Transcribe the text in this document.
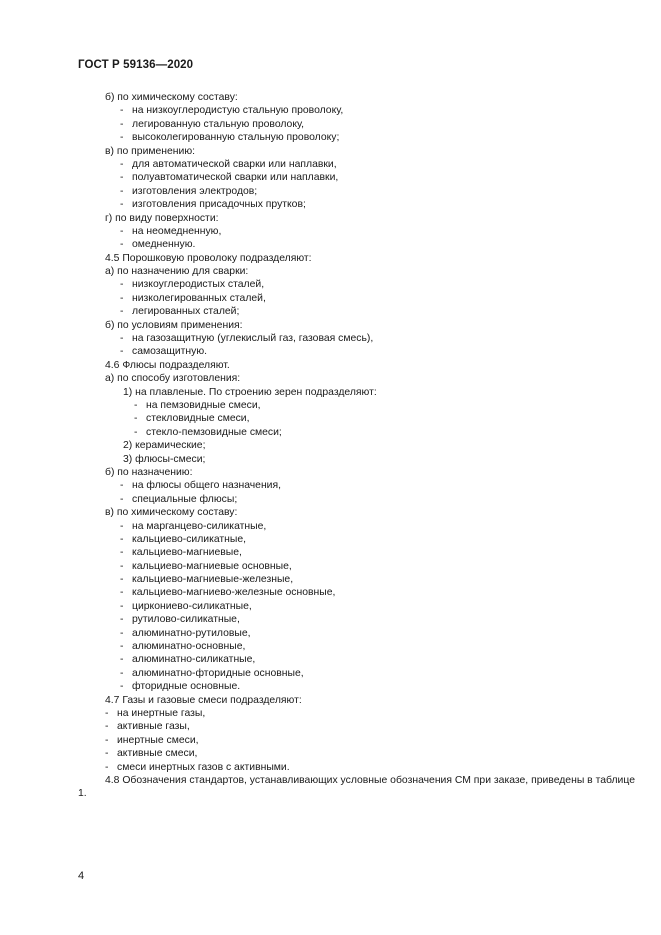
ГОСТ Р 59136—2020
б) по химическому составу:
- на низкоуглеродистую стальную проволоку,
- легированную стальную проволоку,
- высоколегированную стальную проволоку;
в) по применению:
- для автоматической сварки или наплавки,
- полуавтоматической сварки или наплавки,
- изготовления электродов;
- изготовления присадочных прутков;
г) по виду поверхности:
- на неомедненную,
- омедненную.
4.5 Порошковую проволоку подразделяют:
а) по назначению для сварки:
- низкоуглеродистых сталей,
- низколегированных сталей,
- легированных сталей;
б) по условиям применения:
- на газозащитную (углекислый газ, газовая смесь),
- самозащитную.
4.6 Флюсы подразделяют.
а) по способу изготовления:
1) на плавленые. По строению зерен подразделяют:
- на пемзовидные смеси,
- стекловидные смеси,
- стекло-пемзовидные смеси;
2) керамические;
3) флюсы-смеси;
б) по назначению:
- на флюсы общего назначения,
- специальные флюсы;
в) по химическому составу:
- на марганцево-силикатные,
- кальциево-силикатные,
- кальциево-магниевые,
- кальциево-магниевые основные,
- кальциево-магниевые-железные,
- кальциево-магниево-железные основные,
- циркониево-силикатные,
- рутилово-силикатные,
- алюминатно-рутиловые,
- алюминатно-основные,
- алюминатно-силикатные,
- алюминатно-фторидные основные,
- фторидные основные.
4.7 Газы и газовые смеси подразделяют:
- на инертные газы,
- активные газы,
- инертные смеси,
- активные смеси,
- смеси инертных газов с активными.
4.8 Обозначения стандартов, устанавливающих условные обозначения СМ при заказе, приведены в таблице 1.
4
